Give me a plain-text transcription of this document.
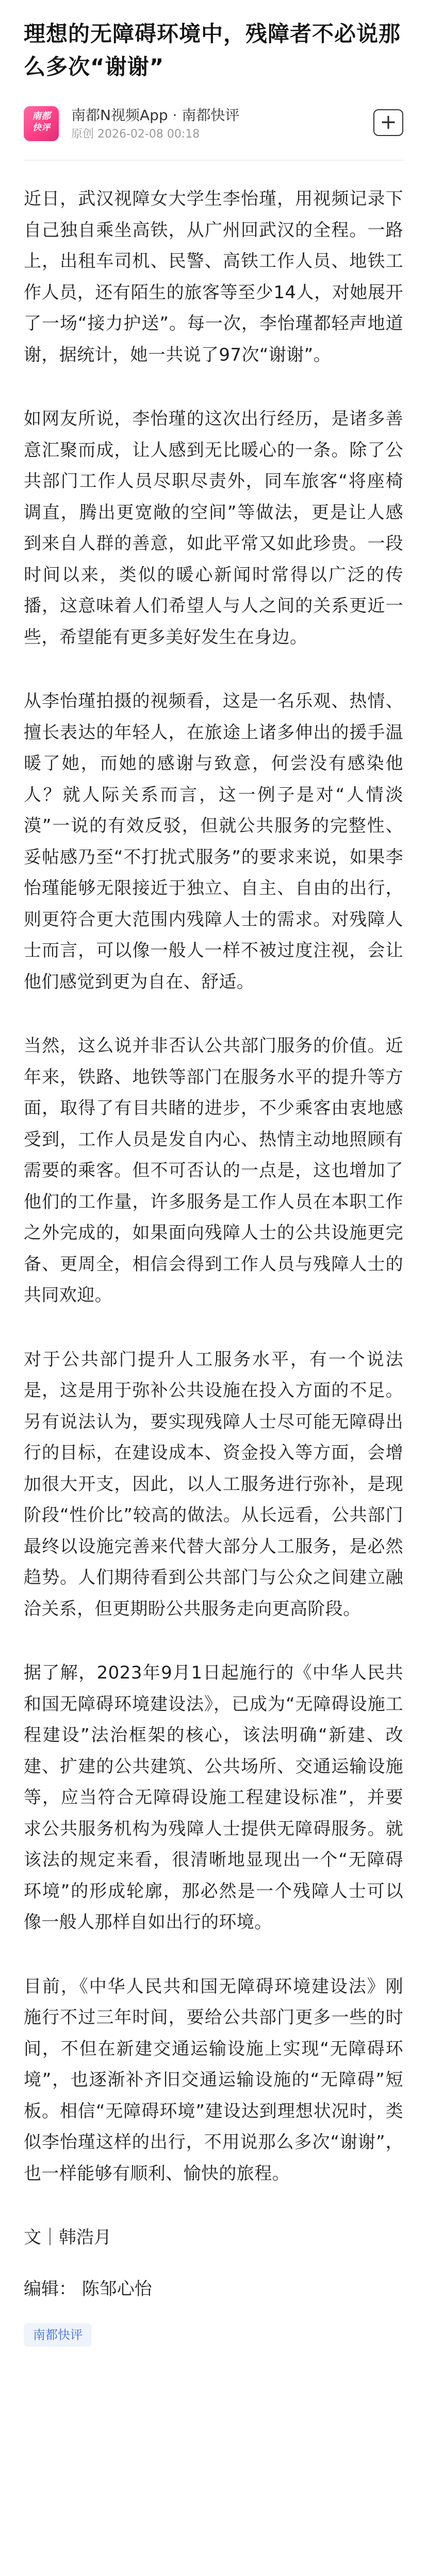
理想的无障碍环境中，残障者不必说那么多次“谢谢”
南都
快评
南都N视频App · 南都快评
原创 2026-02-08 00:18
+

近日，武汉视障女大学生李怡瑾，用视频记录下自己独自乘坐高铁，从广州回武汉的全程。一路上，出租车司机、民警、高铁工作人员、地铁工作人员，还有陌生的旅客等至少14人，对她展开了一场“接力护送”。每一次，李怡瑾都轻声地道谢，据统计，她一共说了97次“谢谢”。

如网友所说，李怡瑾的这次出行经历，是诸多善意汇聚而成，让人感到无比暖心的一条。除了公共部门工作人员尽职尽责外，同车旅客“将座椅调直，腾出更宽敞的空间”等做法，更是让人感到来自人群的善意，如此平常又如此珍贵。一段时间以来，类似的暖心新闻时常得以广泛的传播，这意味着人们希望人与人之间的关系更近一些，希望能有更多美好发生在身边。

从李怡瑾拍摄的视频看，这是一名乐观、热情、擅长表达的年轻人，在旅途上诸多伸出的援手温暖了她，而她的感谢与致意，何尝没有感染他人？就人际关系而言，这一例子是对“人情淡漠”一说的有效反驳，但就公共服务的完整性、妥帖感乃至“不打扰式服务”的要求来说，如果李怡瑾能够无限接近于独立、自主、自由的出行，则更符合更大范围内残障人士的需求。对残障人士而言，可以像一般人一样不被过度注视，会让他们感觉到更为自在、舒适。

当然，这么说并非否认公共部门服务的价值。近年来，铁路、地铁等部门在服务水平的提升等方面，取得了有目共睹的进步，不少乘客由衷地感受到，工作人员是发自内心、热情主动地照顾有需要的乘客。但不可否认的一点是，这也增加了他们的工作量，许多服务是工作人员在本职工作之外完成的，如果面向残障人士的公共设施更完备、更周全，相信会得到工作人员与残障人士的共同欢迎。

对于公共部门提升人工服务水平，有一个说法是，这是用于弥补公共设施在投入方面的不足。另有说法认为，要实现残障人士尽可能无障碍出行的目标，在建设成本、资金投入等方面，会增加很大开支，因此，以人工服务进行弥补，是现阶段“性价比”较高的做法。从长远看，公共部门最终以设施完善来代替大部分人工服务，是必然趋势。人们期待看到公共部门与公众之间建立融洽关系，但更期盼公共服务走向更高阶段。

据了解，2023年9月1日起施行的《中华人民共和国无障碍环境建设法》，已成为“无障碍设施工程建设”法治框架的核心，该法明确“新建、改建、扩建的公共建筑、公共场所、交通运输设施等，应当符合无障碍设施工程建设标准”，并要求公共服务机构为残障人士提供无障碍服务。就该法的规定来看，很清晰地显现出一个“无障碍环境”的形成轮廓，那必然是一个残障人士可以像一般人那样自如出行的环境。

目前，《中华人民共和国无障碍环境建设法》刚施行不过三年时间，要给公共部门更多一些的时间，不但在新建交通运输设施上实现“无障碍环境”，也逐渐补齐旧交通运输设施的“无障碍”短板。相信“无障碍环境”建设达到理想状况时，类似李怡瑾这样的出行，不用说那么多次“谢谢”，也一样能够有顺利、愉快的旅程。

文｜韩浩月

编辑： 陈邹心怡

南都快评
